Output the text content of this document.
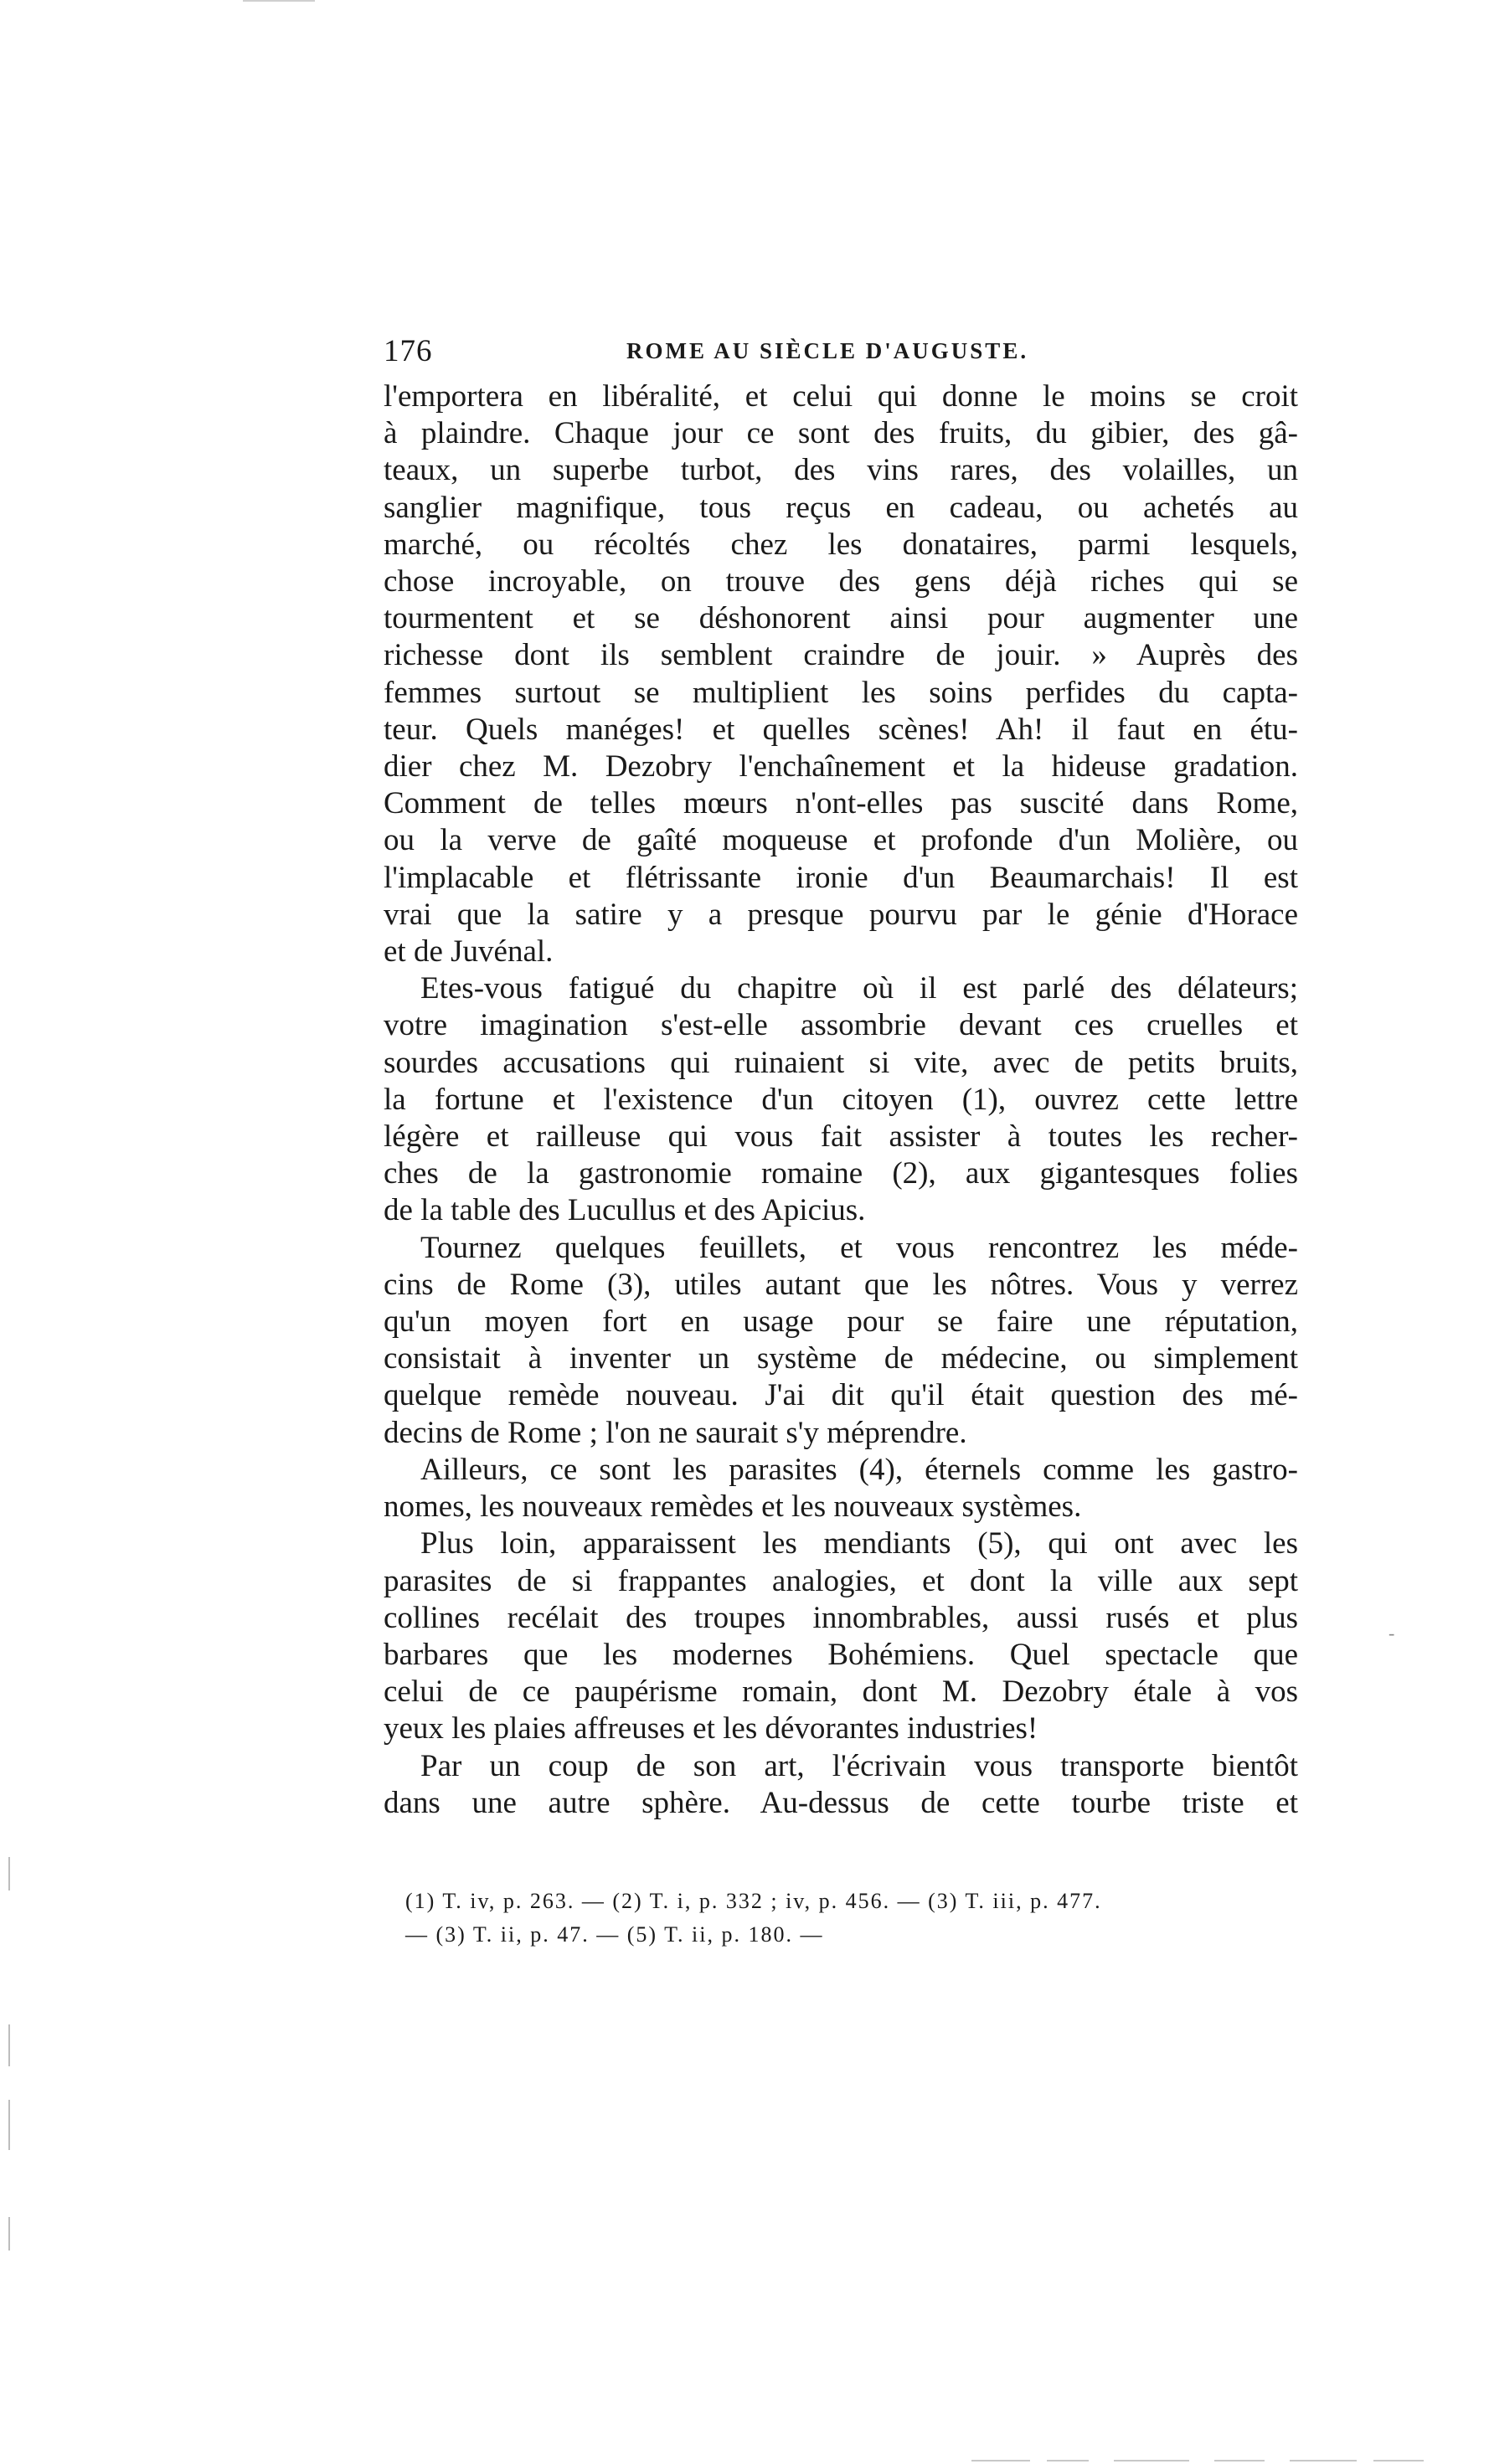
176	ROME AU SIÈCLE D'AUGUSTE.
l'emportera en libéralité, et celui qui donne le moins se croit
à plaindre. Chaque jour ce sont des fruits, du gibier, des gâ-
teaux, un superbe turbot, des vins rares, des volailles, un
sanglier magnifique, tous reçus en cadeau, ou achetés au
marché, ou récoltés chez les donataires, parmi lesquels,
chose incroyable, on trouve des gens déjà riches qui se
tourmentent et se déshonorent ainsi pour augmenter une
richesse dont ils semblent craindre de jouir. » Auprès des
femmes surtout se multiplient les soins perfides du capta-
teur. Quels manéges! et quelles scènes! Ah! il faut en étu-
dier chez M. Dezobry l'enchaînement et la hideuse gradation.
Comment de telles mœurs n'ont-elles pas suscité dans Rome,
ou la verve de gaîté moqueuse et profonde d'un Molière, ou
l'implacable et flétrissante ironie d'un Beaumarchais! Il est
vrai que la satire y a presque pourvu par le génie d'Horace
et de Juvénal.
Etes-vous fatigué du chapitre où il est parlé des délateurs;
votre imagination s'est-elle assombrie devant ces cruelles et
sourdes accusations qui ruinaient si vite, avec de petits bruits,
la fortune et l'existence d'un citoyen (1), ouvrez cette lettre
légère et railleuse qui vous fait assister à toutes les recher-
ches de la gastronomie romaine (2), aux gigantesques folies
de la table des Lucullus et des Apicius.
Tournez quelques feuillets, et vous rencontrez les méde-
cins de Rome (3), utiles autant que les nôtres. Vous y verrez
qu'un moyen fort en usage pour se faire une réputation,
consistait à inventer un système de médecine, ou simplement
quelque remède nouveau. J'ai dit qu'il était question des mé-
decins de Rome ; l'on ne saurait s'y méprendre.
Ailleurs, ce sont les parasites (4), éternels comme les gastro-
nomes, les nouveaux remèdes et les nouveaux systèmes.
Plus loin, apparaissent les mendiants (5), qui ont avec les
parasites de si frappantes analogies, et dont la ville aux sept
collines recélait des troupes innombrables, aussi rusés et plus
barbares que les modernes Bohémiens. Quel spectacle que
celui de ce paupérisme romain, dont M. Dezobry étale à vos
yeux les plaies affreuses et les dévorantes industries!
Par un coup de son art, l'écrivain vous transporte bientôt
dans une autre sphère. Au-dessus de cette tourbe triste et
(1) T. iv, p. 263. — (2) T. i, p. 332 ; iv, p. 456. — (3) T. iii, p. 477.
— (3) T. ii, p. 47. — (5) T. ii, p. 180. —
-
